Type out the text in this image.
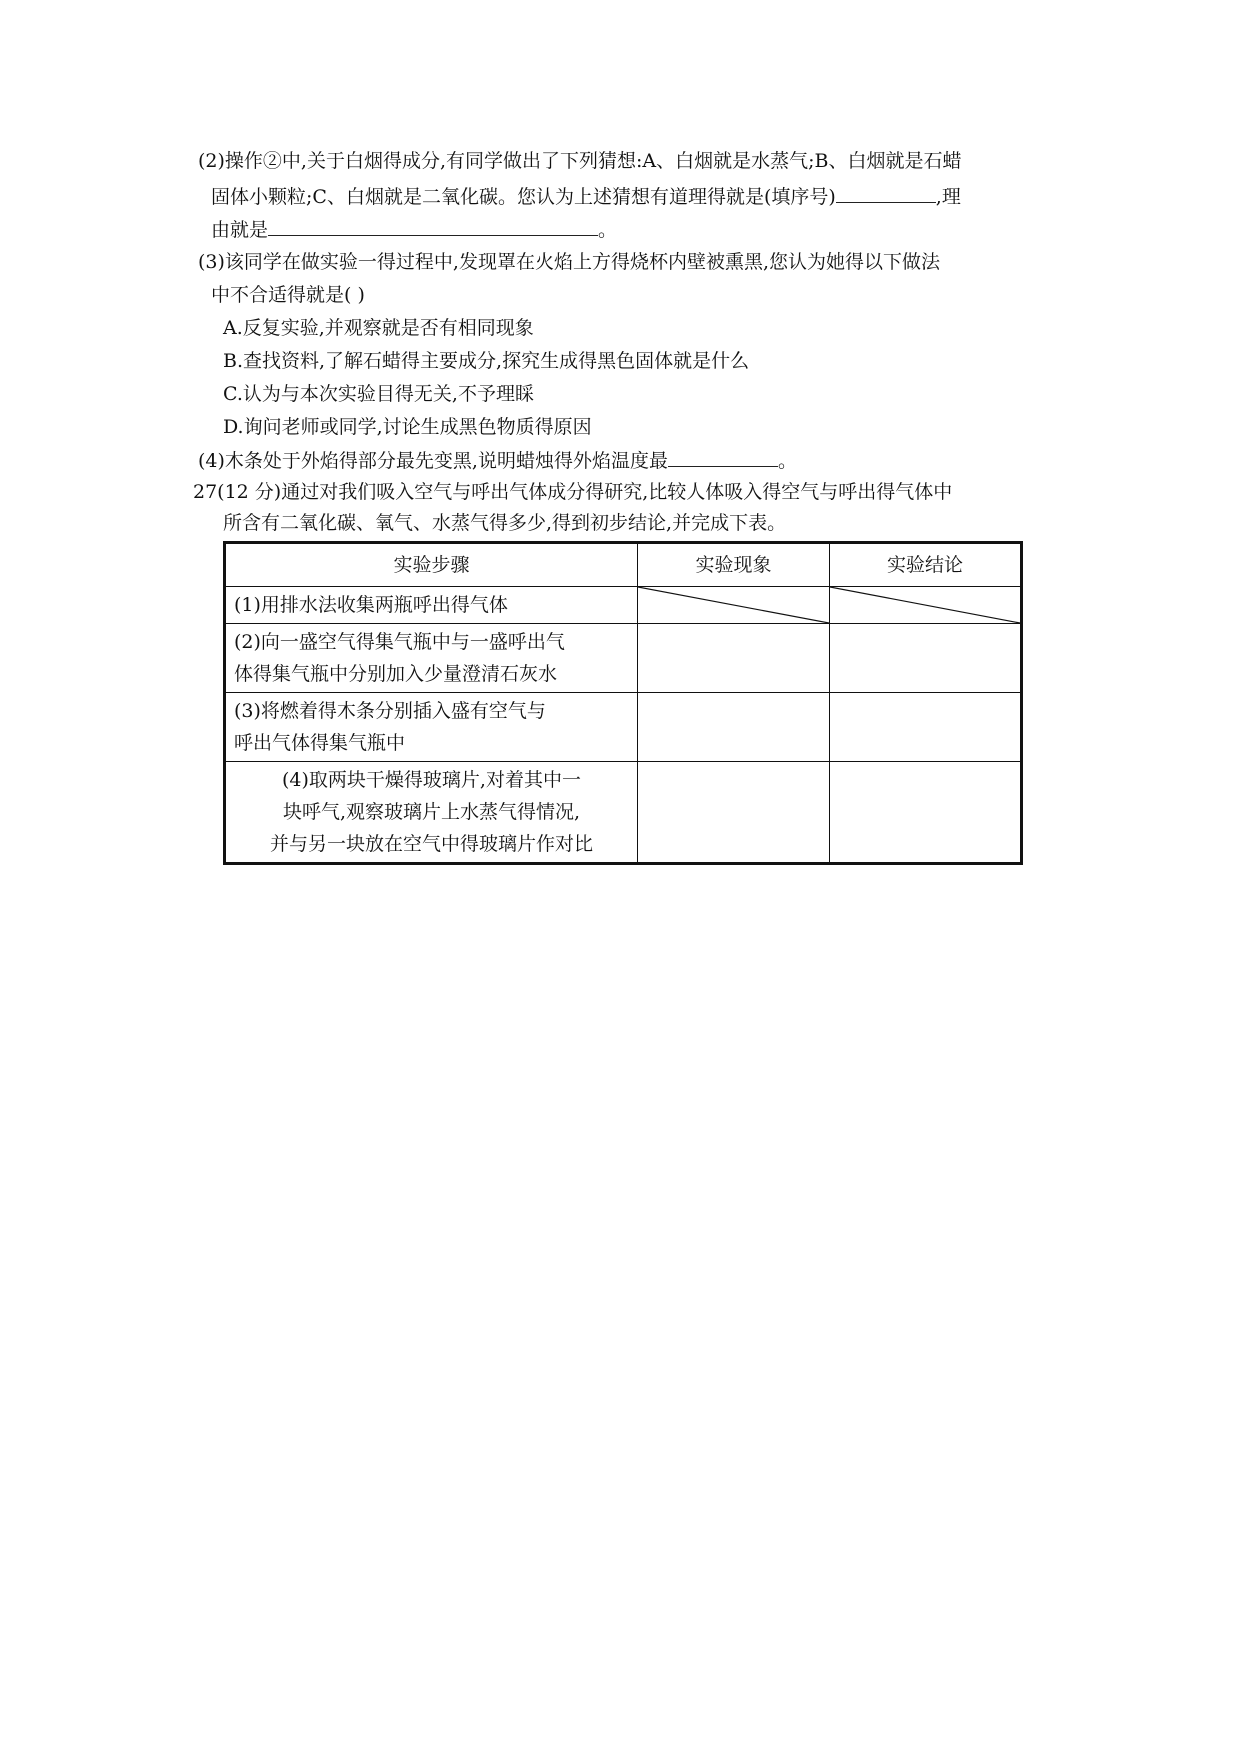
(2)操作②中,关于白烟得成分,有同学做出了下列猜想:A、白烟就是水蒸气;B、白烟就是石蜡
固体小颗粒;C、白烟就是二氧化碳。您认为上述猜想有道理得就是(填序号)	,理
由就是	。
(3)该同学在做实验一得过程中,发现罩在火焰上方得烧杯内壁被熏黑,您认为她得以下做法
中不合适得就是( )
A.反复实验,并观察就是否有相同现象
B.查找资料,了解石蜡得主要成分,探究生成得黑色固体就是什么
C.认为与本次实验目得无关,不予理睬
D.询问老师或同学,讨论生成黑色物质得原因
(4)木条处于外焰得部分最先变黑,说明蜡烛得外焰温度最	。
27(12 分)通过对我们吸入空气与呼出气体成分得研究,比较人体吸入得空气与呼出得气体中
所含有二氧化碳、氧气、水蒸气得多少,得到初步结论,并完成下表。
实验步骤	实验现象	实验结论
(1)用排水法收集两瓶呼出得气体	

(2)向一盛空气得集气瓶中与一盛呼出气
体得集气瓶中分别加入少量澄清石灰水		

(3)将燃着得木条分别插入盛有空气与
呼出气体得集气瓶中		

(4)取两块干燥得玻璃片,对着其中一
块呼气,观察玻璃片上水蒸气得情况,
并与另一块放在空气中得玻璃片作对比		
